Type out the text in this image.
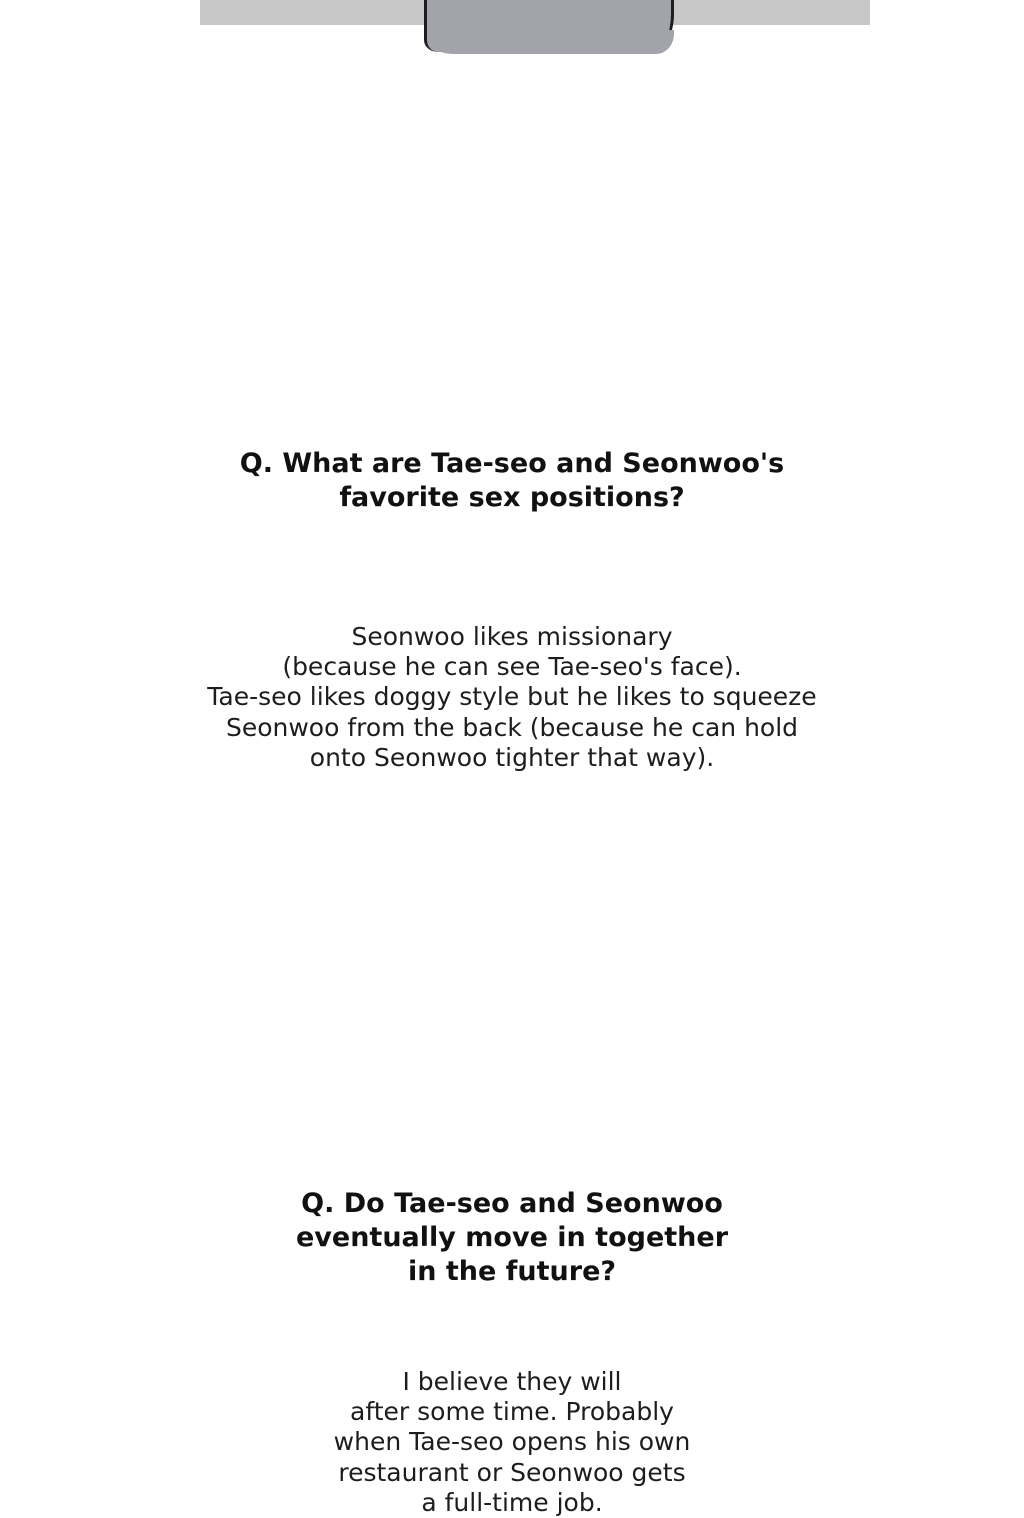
Q. What are Tae-seo and Seonwoo's
favorite sex positions?

Seonwoo likes missionary
(because he can see Tae-seo's face).
Tae-seo likes doggy style but he likes to squeeze
Seonwoo from the back (because he can hold
onto Seonwoo tighter that way).

Q. Do Tae-seo and Seonwoo
eventually move in together
in the future?

I believe they will
after some time. Probably
when Tae-seo opens his own
restaurant or Seonwoo gets
a full-time job.
